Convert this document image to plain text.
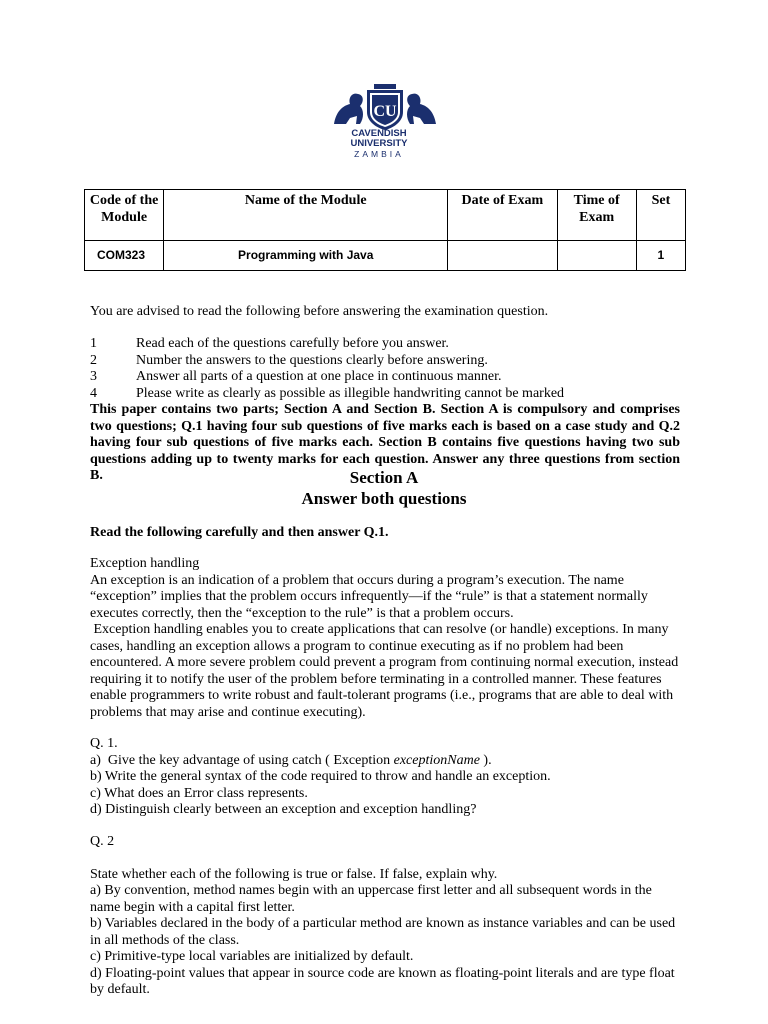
CU
CAVENDISH
UNIVERSITY
ZAMBIA
Code of the Module	Name of the Module	Date of Exam	Time of Exam	Set
COM323	Programming with Java			1
You are advised to read the following before answering the examination question.
1	Read each of the questions carefully before you answer.
2	Number the answers to the questions clearly before answering.
3	Answer all parts of a question at one place in continuous manner.
4	Please write as clearly as possible as illegible handwriting cannot be marked
This paper contains two parts; Section A and Section B. Section A is compulsory and comprises two questions; Q.1 having four sub questions of five marks each is based on a case study and Q.2 having four sub questions of five marks each. Section B contains five questions having two sub questions adding up to twenty marks for each question. Answer any three questions from section B.	Section A
Answer both questions
Read the following carefully and then answer Q.1.

Exception handling

An exception is an indication of a problem that occurs during a program’s execution. The name “exception” implies that the problem occurs infrequently—if the “rule” is that a statement normally executes correctly, then the “exception to the rule” is that a problem occurs.

Exception handling enables you to create applications that can resolve (or handle) exceptions. In many cases, handling an exception allows a program to continue executing as if no problem had been encountered. A more severe problem could prevent a program from continuing normal execution, instead requiring it to notify the user of the problem before terminating in a controlled manner. These features enable programmers to write robust and fault-tolerant programs (i.e., programs that are able to deal with problems that may arise and continue executing).

Q. 1.

a)  Give the key advantage of using catch ( Exception exceptionName ).

b) Write the general syntax of the code required to throw and handle an exception.

c) What does an Error class represents.

d) Distinguish clearly between an exception and exception handling?

Q. 2

State whether each of the following is true or false. If false, explain why.

a) By convention, method names begin with an uppercase first letter and all subsequent words in the name begin with a capital first letter.

b) Variables declared in the body of a particular method are known as instance variables and can be used in all methods of the class.

c) Primitive-type local variables are initialized by default.

d) Floating-point values that appear in source code are known as floating-point literals and are type float by default.
